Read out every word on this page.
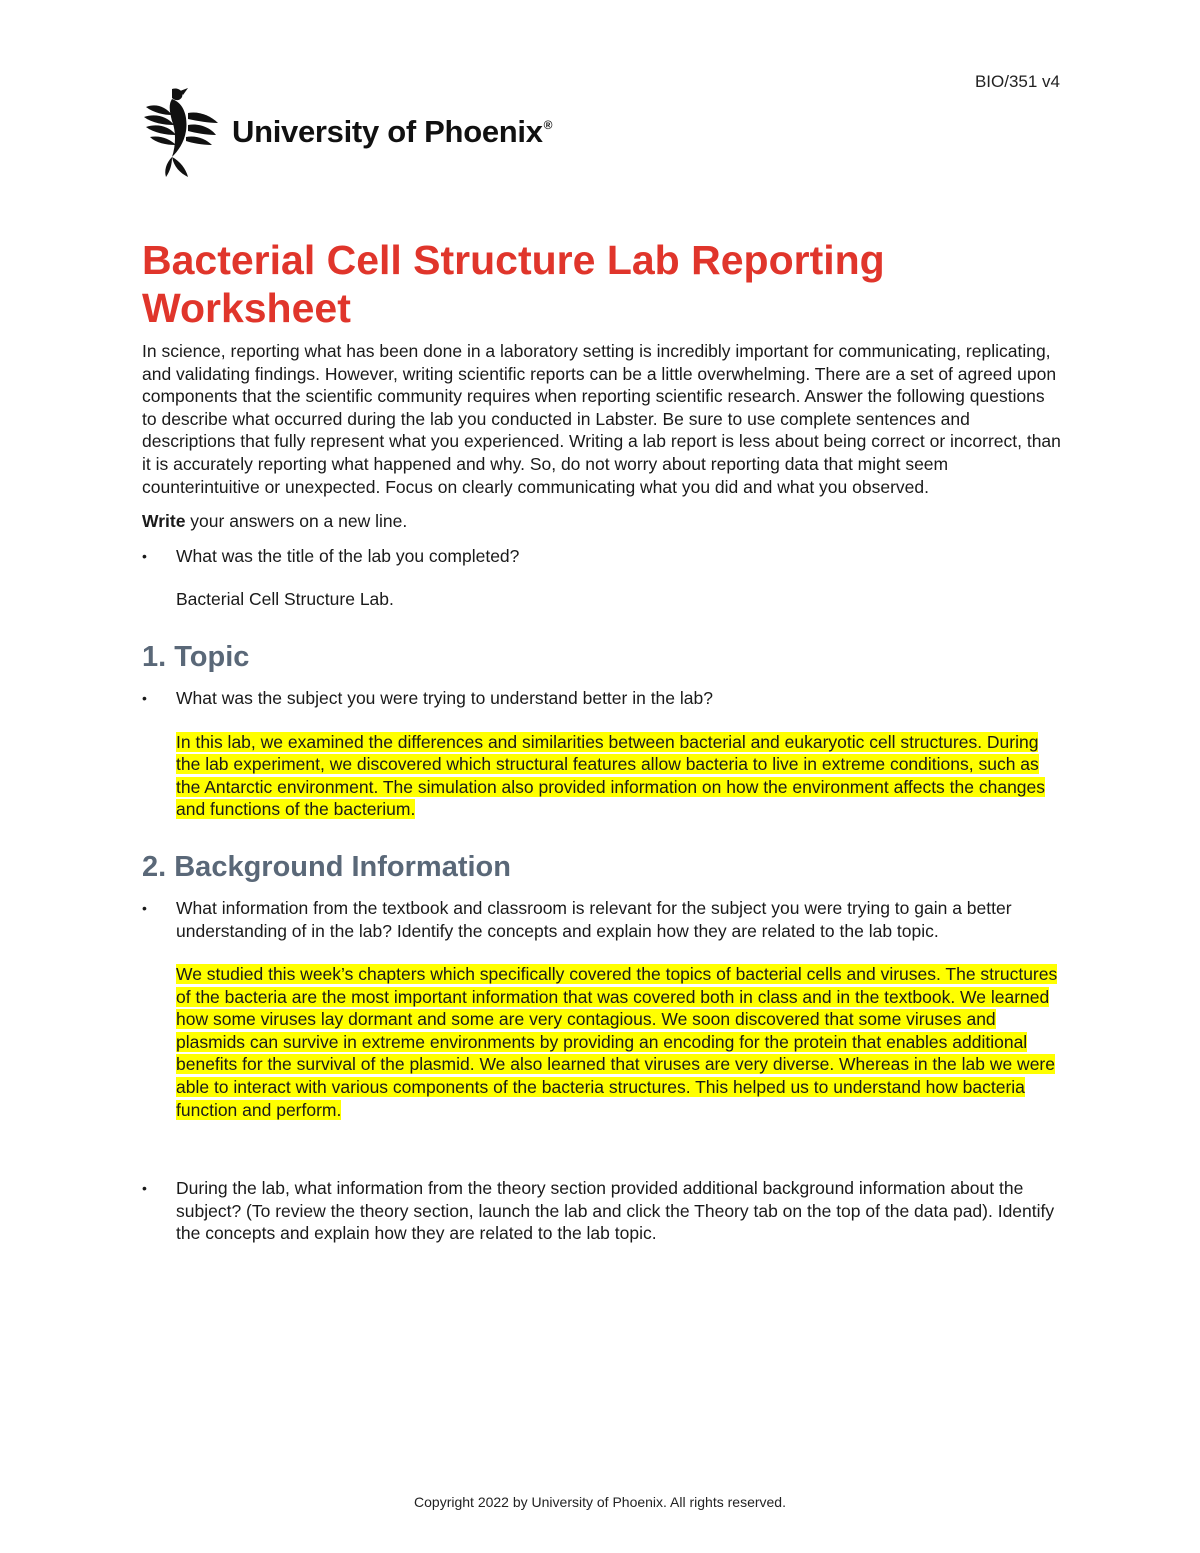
BIO/351 v4
University of Phoenix®
Bacterial Cell Structure Lab Reporting Worksheet

In science, reporting what has been done in a laboratory setting is incredibly important for communicating, replicating, and validating findings. However, writing scientific reports can be a little overwhelming. There are a set of agreed upon components that the scientific community requires when reporting scientific research. Answer the following questions to describe what occurred during the lab you conducted in Labster. Be sure to use complete sentences and descriptions that fully represent what you experienced. Writing a lab report is less about being correct or incorrect, than it is accurately reporting what happened and why. So, do not worry about reporting data that might seem counterintuitive or unexpected. Focus on clearly communicating what you did and what you observed.

Write your answers on a new line.

•	What was the title of the lab you completed?
Bacterial Cell Structure Lab.
1. Topic
•	What was the subject you were trying to understand better in the lab?
In this lab, we examined the differences and similarities between bacterial and eukaryotic cell structures. During the lab experiment, we discovered which structural features allow bacteria to live in extreme conditions, such as the Antarctic environment. The simulation also provided information on how the environment affects the changes and functions of the bacterium.
2. Background Information
•	What information from the textbook and classroom is relevant for the subject you were trying to gain a better understanding of in the lab? Identify the concepts and explain how they are related to the lab topic.
We studied this week’s chapters which specifically covered the topics of bacterial cells and viruses. The structures of the bacteria are the most important information that was covered both in class and in the textbook. We learned how some viruses lay dormant and some are very contagious. We soon discovered that some viruses and plasmids can survive in extreme environments by providing an encoding for the protein that enables additional benefits for the survival of the plasmid. We also learned that viruses are very diverse. Whereas in the lab we were able to interact with various components of the bacteria structures. This helped us to understand how bacteria function and perform.
•	During the lab, what information from the theory section provided additional background information about the subject? (To review the theory section, launch the lab and click the Theory tab on the top of the data pad). Identify the concepts and explain how they are related to the lab topic.
Copyright 2022 by University of Phoenix. All rights reserved.
